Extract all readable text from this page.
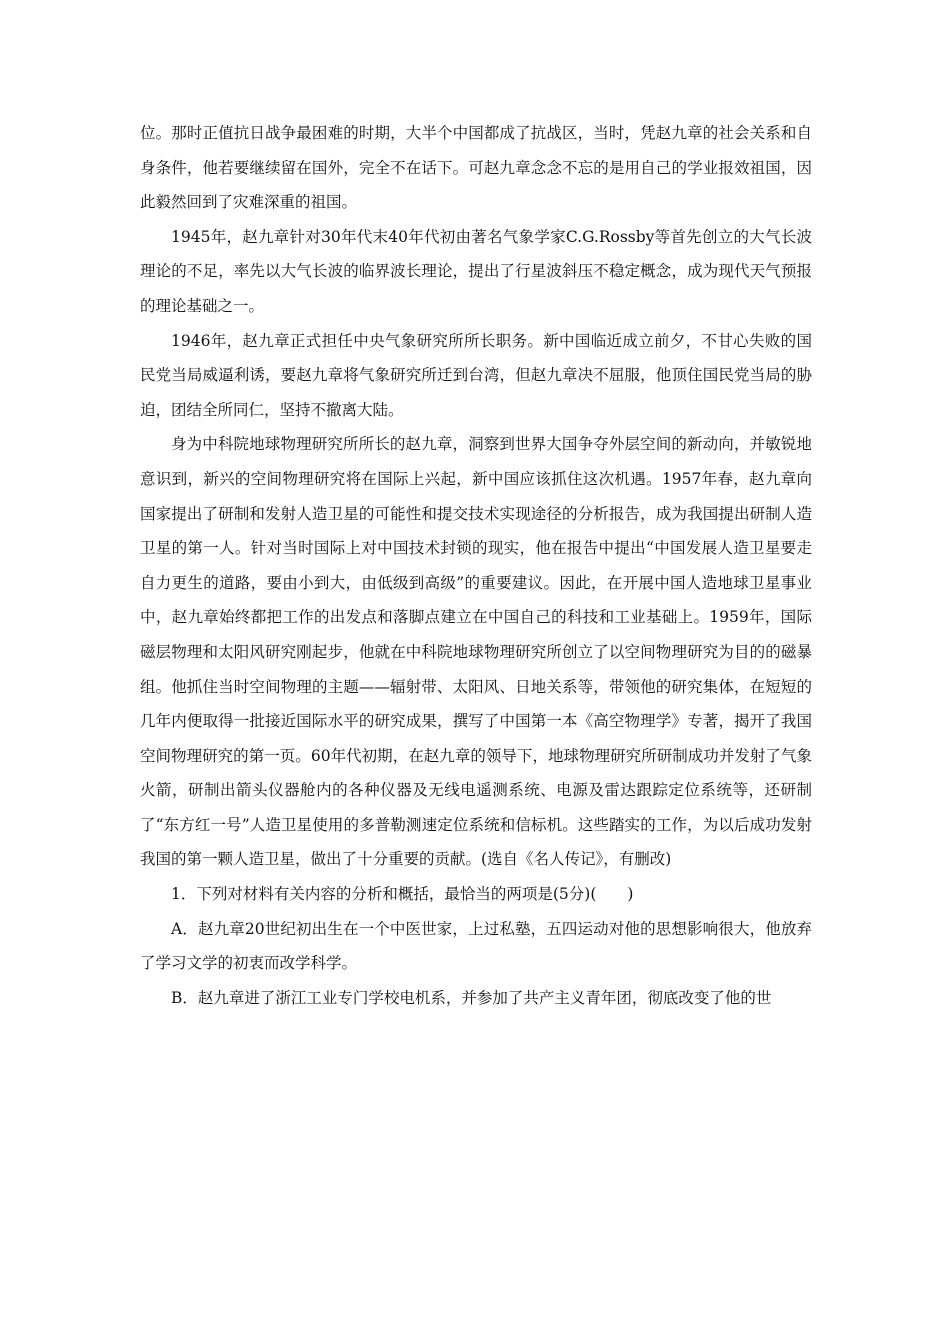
位。那时正值抗日战争最困难的时期，大半个中国都成了抗战区，当时，凭赵九章的社会关系和自身条件，他若要继续留在国外，完全不在话下。可赵九章念念不忘的是用自己的学业报效祖国，因此毅然回到了灾难深重的祖国。

1945年，赵九章针对30年代末40年代初由著名气象学家C.G.Rossby等首先创立的大气长波理论的不足，率先以大气长波的临界波长理论，提出了行星波斜压不稳定概念，成为现代天气预报的理论基础之一。

1946年，赵九章正式担任中央气象研究所所长职务。新中国临近成立前夕，不甘心失败的国民党当局威逼利诱，要赵九章将气象研究所迁到台湾，但赵九章决不屈服，他顶住国民党当局的胁迫，团结全所同仁，坚持不撤离大陆。

身为中科院地球物理研究所所长的赵九章，洞察到世界大国争夺外层空间的新动向，并敏锐地意识到，新兴的空间物理研究将在国际上兴起，新中国应该抓住这次机遇。1957年春，赵九章向国家提出了研制和发射人造卫星的可能性和提交技术实现途径的分析报告，成为我国提出研制人造卫星的第一人。针对当时国际上对中国技术封锁的现实，他在报告中提出“中国发展人造卫星要走自力更生的道路，要由小到大，由低级到高级”的重要建议。因此，在开展中国人造地球卫星事业中，赵九章始终都把工作的出发点和落脚点建立在中国自己的科技和工业基础上。1959年，国际磁层物理和太阳风研究刚起步，他就在中科院地球物理研究所创立了以空间物理研究为目的的磁暴组。他抓住当时空间物理的主题——辐射带、太阳风、日地关系等，带领他的研究集体，在短短的几年内便取得一批接近国际水平的研究成果，撰写了中国第一本《高空物理学》专著，揭开了我国空间物理研究的第一页。60年代初期，在赵九章的领导下，地球物理研究所研制成功并发射了气象火箭，研制出箭头仪器舱内的各种仪器及无线电遥测系统、电源及雷达跟踪定位系统等，还研制了“东方红一号”人造卫星使用的多普勒测速定位系统和信标机。这些踏实的工作，为以后成功发射我国的第一颗人造卫星，做出了十分重要的贡献。(选自《名人传记》，有删改)

1．下列对材料有关内容的分析和概括，最恰当的两项是(5分)(　　)

A．赵九章20世纪初出生在一个中医世家，上过私塾，五四运动对他的思想影响很大，他放弃了学习文学的初衷而改学科学。

B．赵九章进了浙江工业专门学校电机系，并参加了共产主义青年团，彻底改变了他的世
